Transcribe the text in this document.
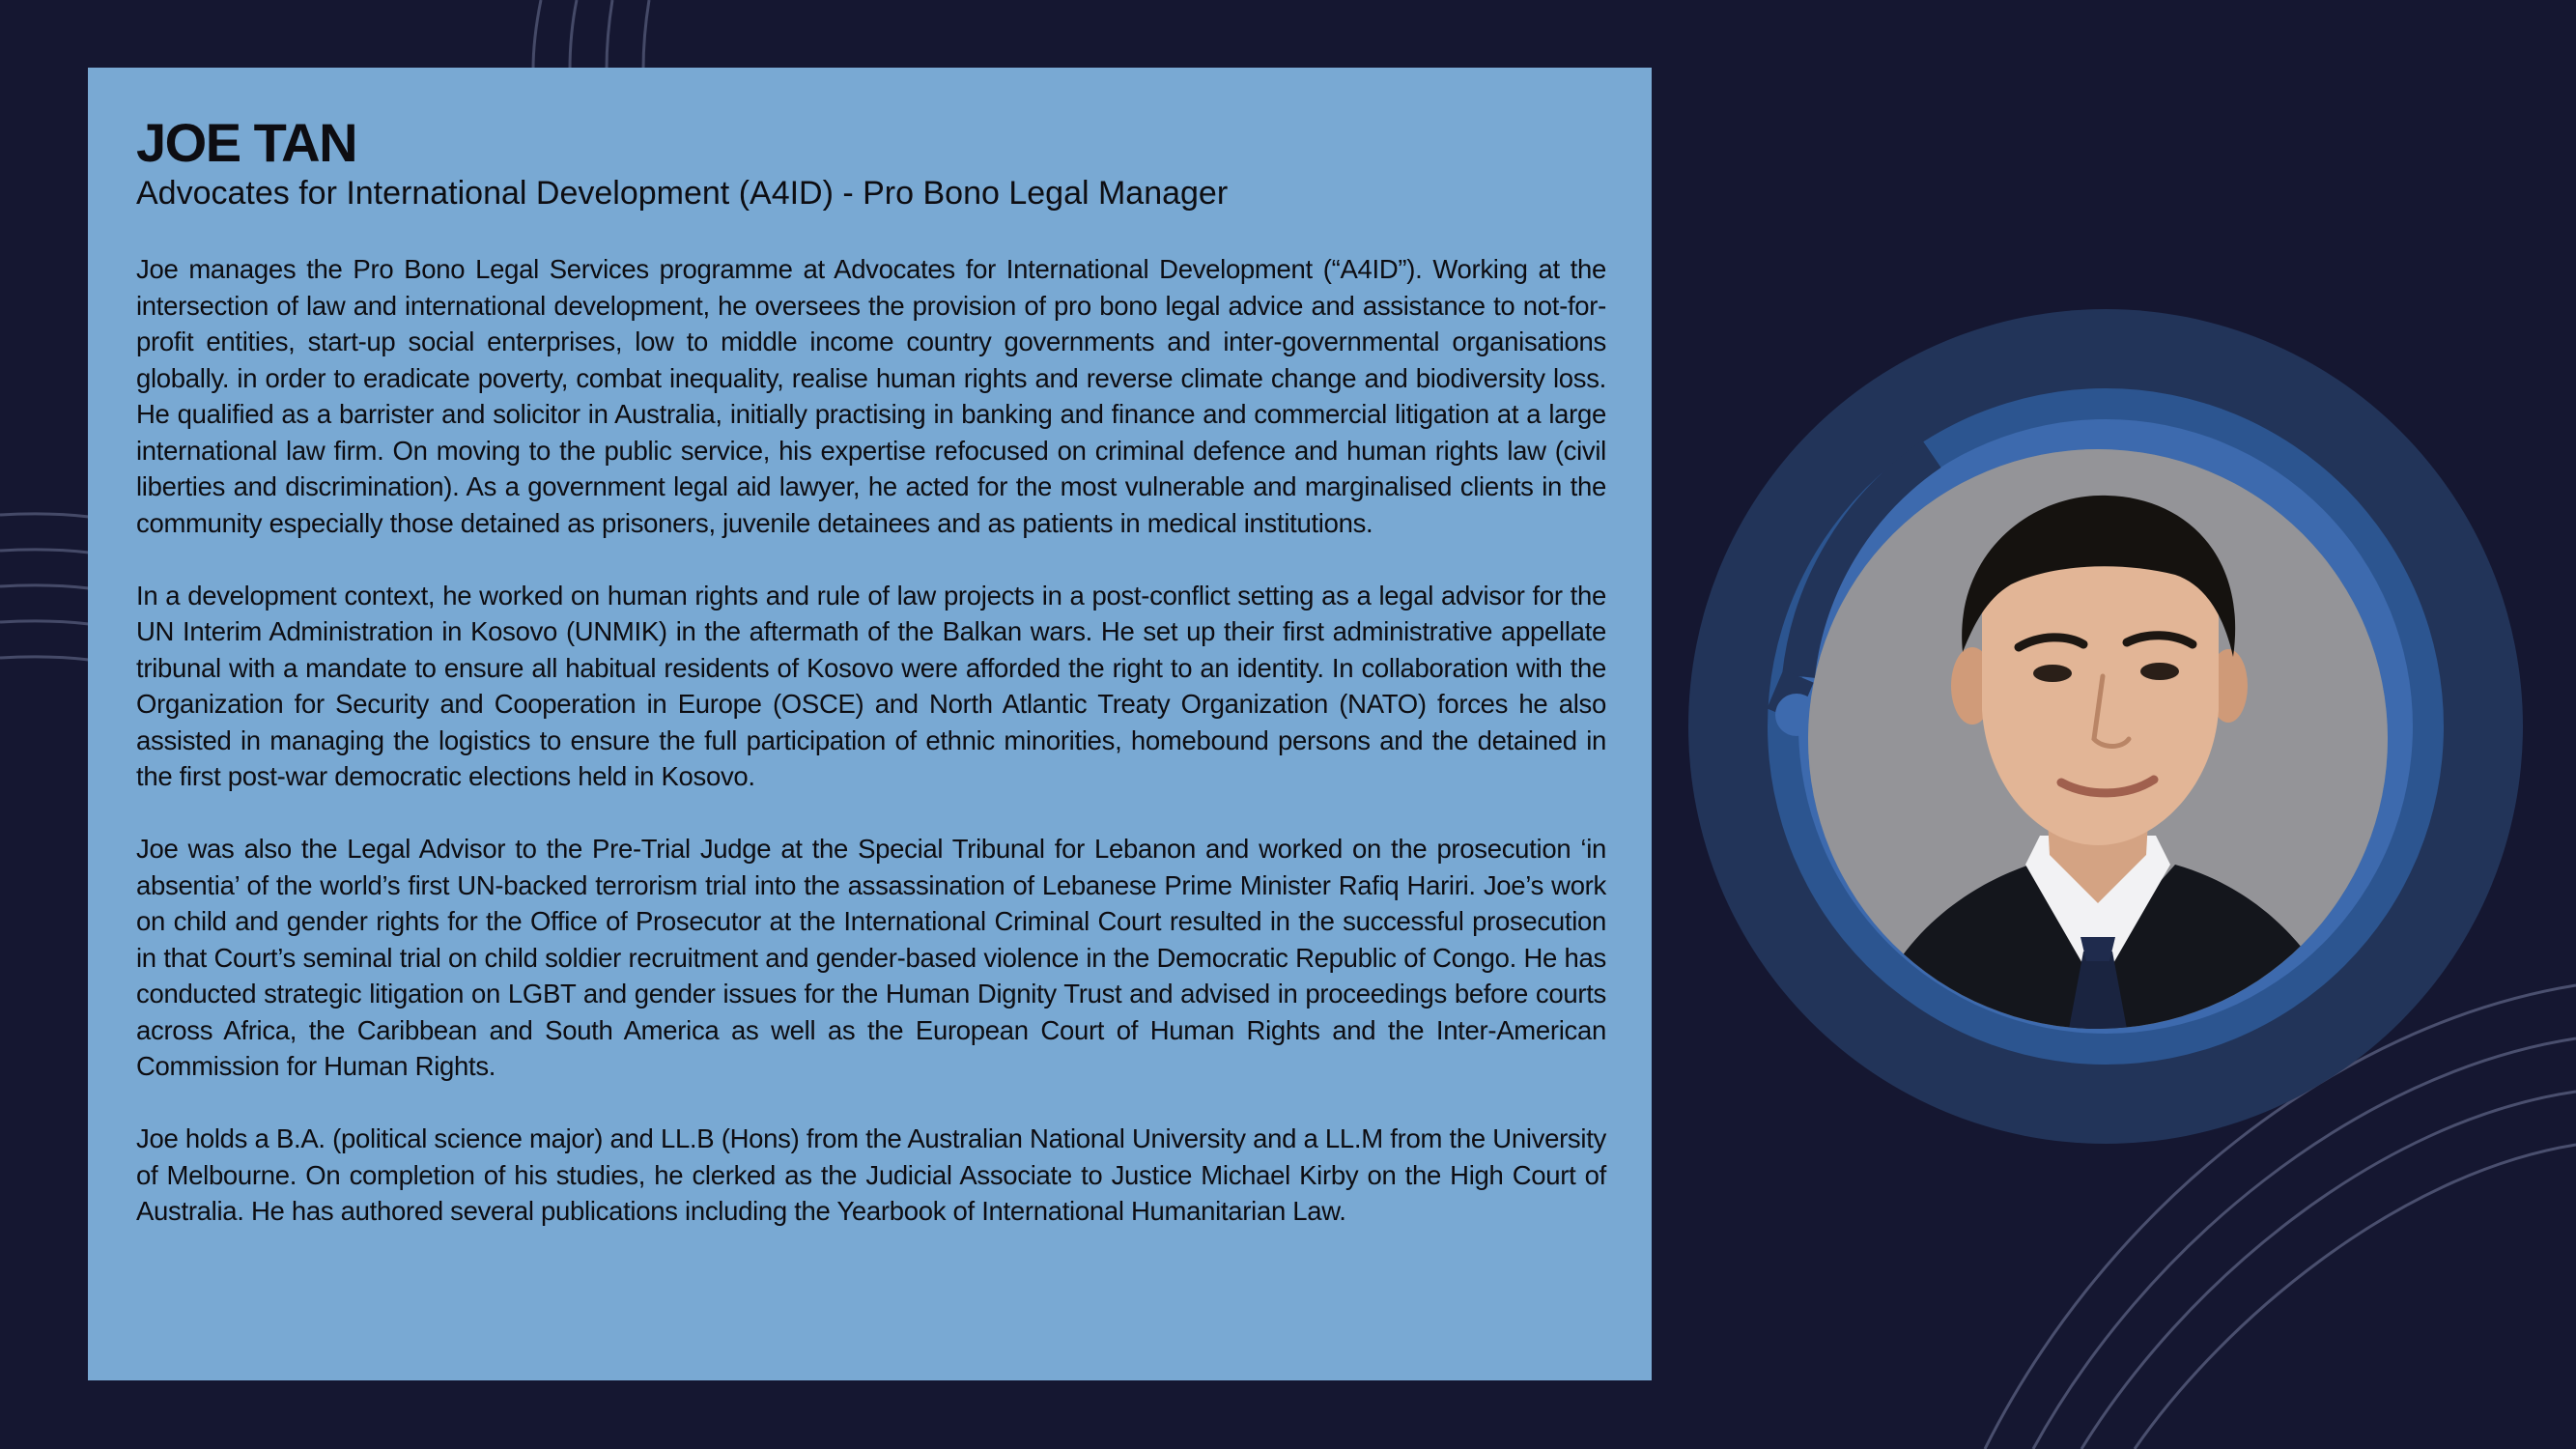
JOE TAN
Advocates for International Development (A4ID) - Pro Bono Legal Manager

Joe manages the Pro Bono Legal Services programme at Advocates for International Development (“A4ID”). Working at the intersection of law and international development, he oversees the provision of pro bono legal advice and assistance to not-for-profit entities, start-up social enterprises, low to middle income country governments and inter-governmental organisations globally. in order to eradicate poverty, combat inequality, realise human rights and reverse climate change and biodiversity loss. He qualified as a barrister and solicitor in Australia, initially practising in banking and finance and commercial litigation at a large international law firm. On moving to the public service, his expertise refocused on criminal defence and human rights law (civil liberties and discrimination). As a government legal aid lawyer, he acted for the most vulnerable and marginalised clients in the community especially those detained as prisoners, juvenile detainees and as patients in medical institutions.

In a development context, he worked on human rights and rule of law projects in a post-conflict setting as a legal advisor for the UN Interim Administration in Kosovo (UNMIK) in the aftermath of the Balkan wars. He set up their first administrative appellate tribunal with a mandate to ensure all habitual residents of Kosovo were afforded the right to an identity. In collaboration with the Organization for Security and Cooperation in Europe (OSCE) and North Atlantic Treaty Organization (NATO) forces he also assisted in managing the logistics to ensure the full participation of ethnic minorities, homebound persons and the detained in the first post-war democratic elections held in Kosovo.

Joe was also the Legal Advisor to the Pre-Trial Judge at the Special Tribunal for Lebanon and worked on the prosecution ‘in absentia’ of the world’s first UN-backed terrorism trial into the assassination of Lebanese Prime Minister Rafiq Hariri. Joe’s work on child and gender rights for the Office of Prosecutor at the International Criminal Court resulted in the successful prosecution in that Court’s seminal trial on child soldier recruitment and gender-based violence in the Democratic Republic of Congo. He has conducted strategic litigation on LGBT and gender issues for the Human Dignity Trust and advised in proceedings before courts across Africa, the Caribbean and South America as well as the European Court of Human Rights and the Inter-American Commission for Human Rights.

Joe holds a B.A. (political science major) and LL.B (Hons) from the Australian National University and a LL.M from the University of Melbourne. On completion of his studies, he clerked as the Judicial Associate to Justice Michael Kirby on the High Court of Australia. He has authored several publications including the Yearbook of International Humanitarian Law.
